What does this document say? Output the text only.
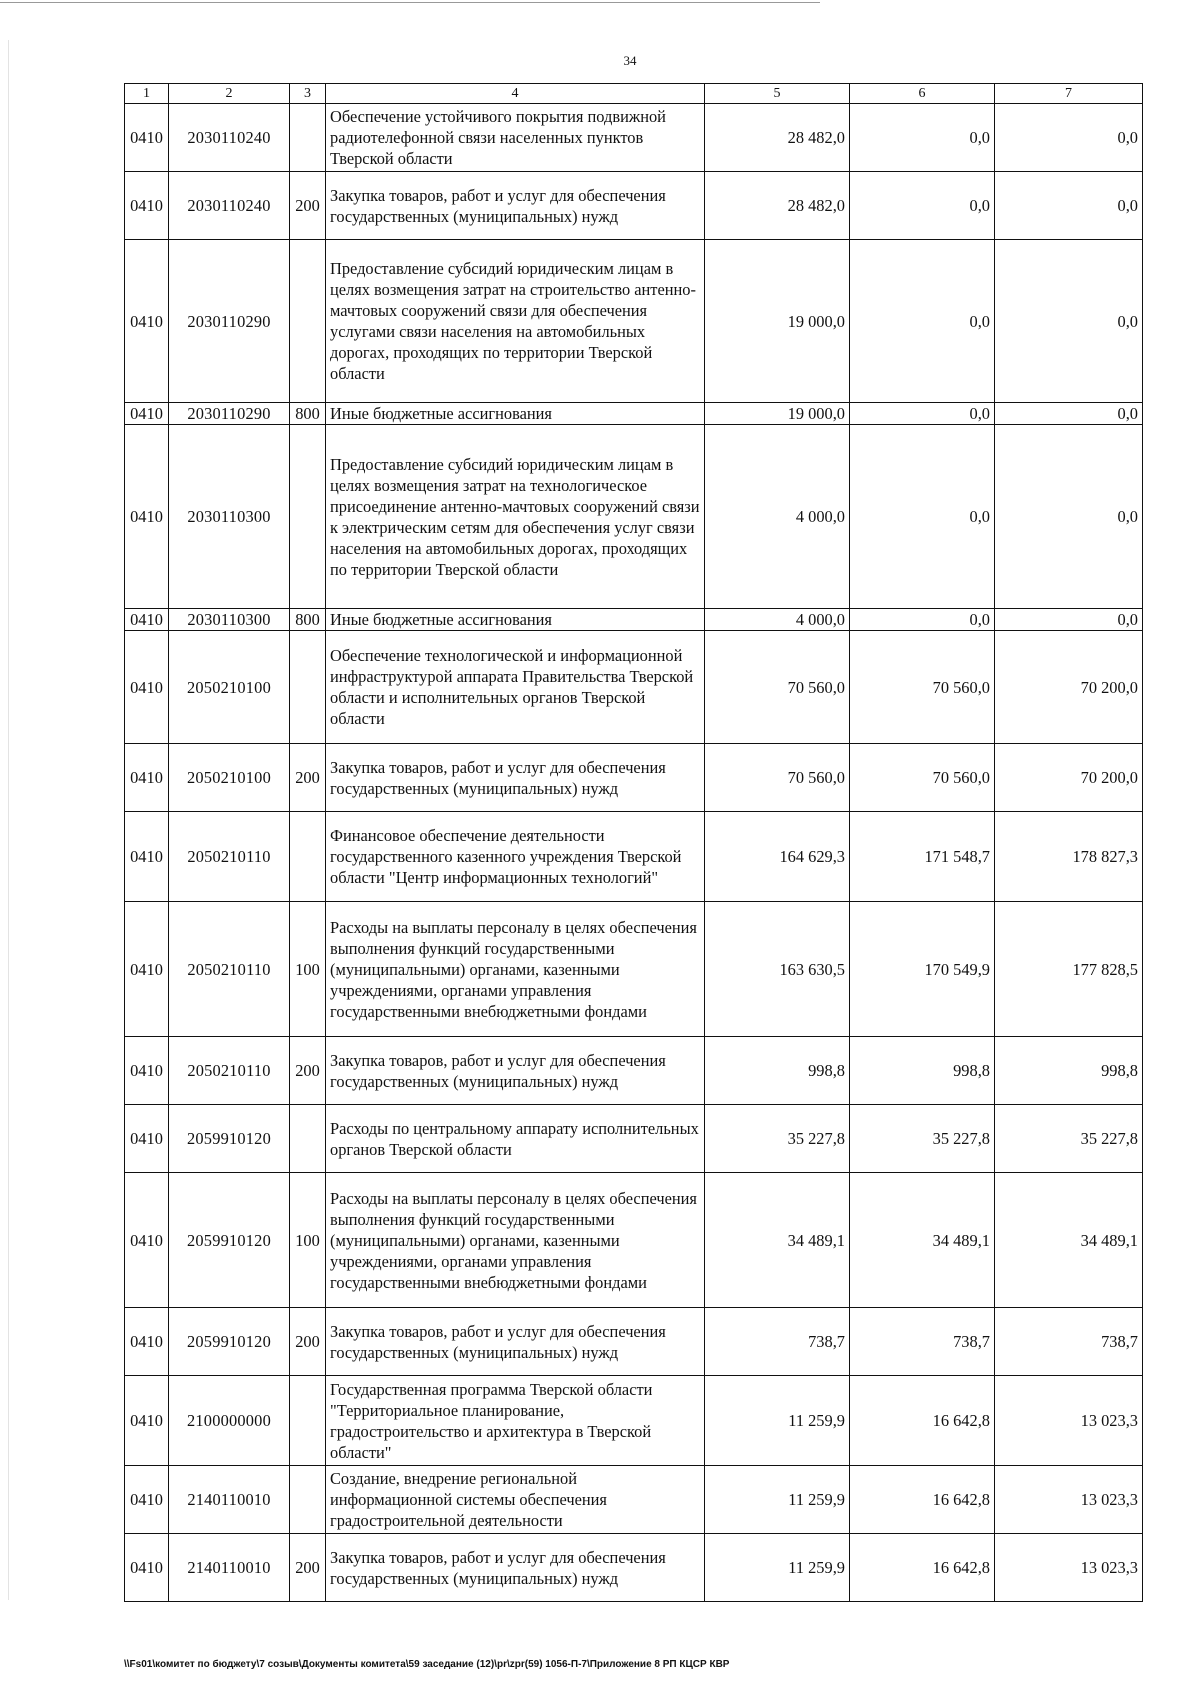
34
1	2	3	4	5	6	7
0410	2030110240		Обеспечение устойчивого покрытия подвижной радиотелефонной связи населенных пунктов Тверской области	28 482,0	0,0	0,0
0410	2030110240	200	Закупка товаров, работ и услуг для обеспечения государственных (муниципальных) нужд	28 482,0	0,0	0,0
0410	2030110290		Предоставление субсидий юридическим лицам в целях возмещения затрат на строительство антенно-мачтовых сооружений связи для обеспечения услугами связи населения на автомобильных дорогах, проходящих по территории Тверской области	19 000,0	0,0	0,0
0410	2030110290	800	Иные бюджетные ассигнования	19 000,0	0,0	0,0
0410	2030110300		Предоставление субсидий юридическим лицам в целях возмещения затрат на технологическое присоединение антенно-мачтовых сооружений связи к электрическим сетям для обеспечения услуг связи населения на автомобильных дорогах, проходящих по территории Тверской области	4 000,0	0,0	0,0
0410	2030110300	800	Иные бюджетные ассигнования	4 000,0	0,0	0,0
0410	2050210100		Обеспечение технологической и информационной инфраструктурой аппарата Правительства Тверской области и исполнительных органов Тверской области	70 560,0	70 560,0	70 200,0
0410	2050210100	200	Закупка товаров, работ и услуг для обеспечения государственных (муниципальных) нужд	70 560,0	70 560,0	70 200,0
0410	2050210110		Финансовое обеспечение деятельности государственного казенного учреждения Тверской области "Центр информационных технологий"	164 629,3	171 548,7	178 827,3
0410	2050210110	100	Расходы на выплаты персоналу в целях обеспечения выполнения функций государственными (муниципальными) органами, казенными учреждениями, органами управления государственными внебюджетными фондами	163 630,5	170 549,9	177 828,5
0410	2050210110	200	Закупка товаров, работ и услуг для обеспечения государственных (муниципальных) нужд	998,8	998,8	998,8
0410	2059910120		Расходы по центральному аппарату исполнительных органов Тверской области	35 227,8	35 227,8	35 227,8
0410	2059910120	100	Расходы на выплаты персоналу в целях обеспечения выполнения функций государственными (муниципальными) органами, казенными учреждениями, органами управления государственными внебюджетными фондами	34 489,1	34 489,1	34 489,1
0410	2059910120	200	Закупка товаров, работ и услуг для обеспечения государственных (муниципальных) нужд	738,7	738,7	738,7
0410	2100000000		Государственная программа Тверской области "Территориальное планирование, градостроительство и архитектура в Тверской области"	11 259,9	16 642,8	13 023,3
0410	2140110010		Создание, внедрение региональной информационной системы обеспечения градостроительной деятельности	11 259,9	16 642,8	13 023,3
0410	2140110010	200	Закупка товаров, работ и услуг для обеспечения государственных (муниципальных) нужд	11 259,9	16 642,8	13 023,3
\\Fs01\комитет по бюджету\7 созыв\Документы комитета\59 заседание (12)\pr\zpr(59) 1056-П-7\Приложение 8 РП КЦСР КВР
